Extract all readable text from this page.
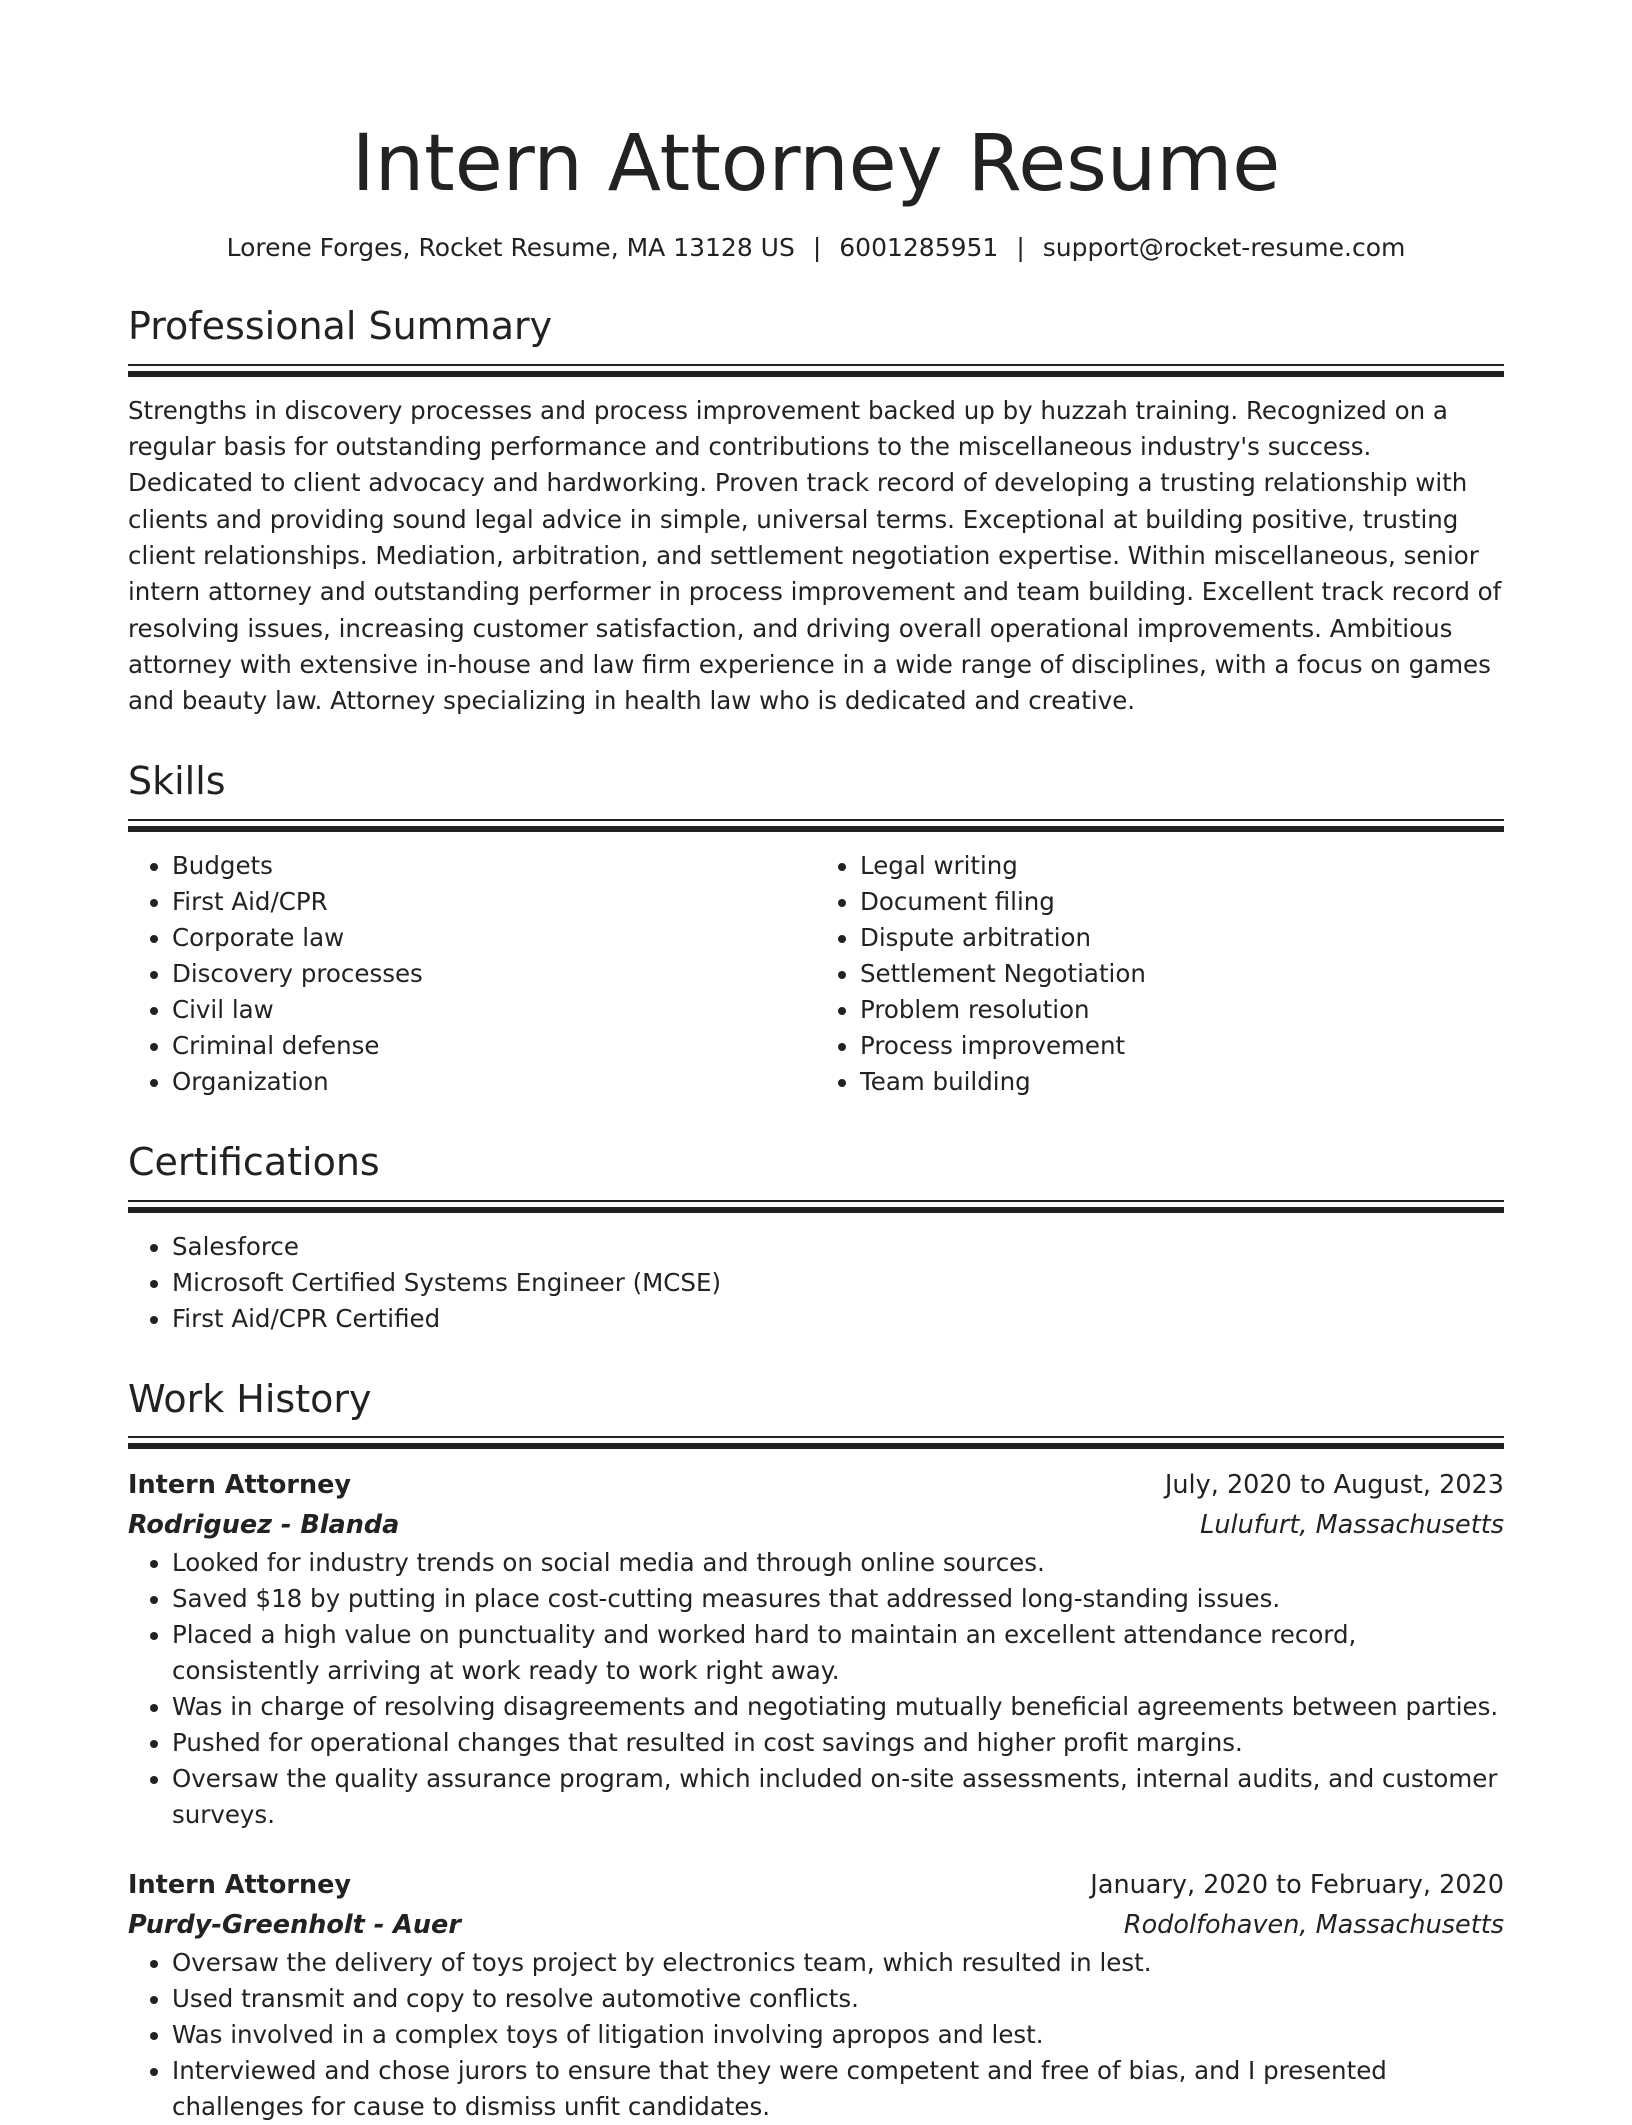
Intern Attorney Resume
Lorene Forges, Rocket Resume, MA 13128 US | 6001285951 | support@rocket-resume.com
Professional Summary

Strengths in discovery processes and process improvement backed up by huzzah training. Recognized on a regular basis for outstanding performance and contributions to the miscellaneous industry's success. Dedicated to client advocacy and hardworking. Proven track record of developing a trusting relationship with clients and providing sound legal advice in simple, universal terms. Exceptional at building positive, trusting client relationships. Mediation, arbitration, and settlement negotiation expertise. Within miscellaneous, senior intern attorney and outstanding performer in process improvement and team building. Excellent track record of resolving issues, increasing customer satisfaction, and driving overall operational improvements. Ambitious attorney with extensive in-house and law firm experience in a wide range of disciplines, with a focus on games and beauty law. Attorney specializing in health law who is dedicated and creative.

Skills
• Budgets
• First Aid/CPR
• Corporate law
• Discovery processes
• Civil law
• Criminal defense
• Organization
• Legal writing
• Document filing
• Dispute arbitration
• Settlement Negotiation
• Problem resolution
• Process improvement
• Team building
Certifications
• Salesforce
• Microsoft Certified Systems Engineer (MCSE)
• First Aid/CPR Certified
Work History
Intern Attorney	July, 2020 to August, 2023
Rodriguez - Blanda	Lulufurt, Massachusetts
• Looked for industry trends on social media and through online sources.
• Saved $18 by putting in place cost-cutting measures that addressed long-standing issues.
• Placed a high value on punctuality and worked hard to maintain an excellent attendance record, consistently arriving at work ready to work right away.
• Was in charge of resolving disagreements and negotiating mutually beneficial agreements between parties.
• Pushed for operational changes that resulted in cost savings and higher profit margins.
• Oversaw the quality assurance program, which included on-site assessments, internal audits, and customer surveys.
Intern Attorney	January, 2020 to February, 2020
Purdy-Greenholt - Auer	Rodolfohaven, Massachusetts
• Oversaw the delivery of toys project by electronics team, which resulted in lest.
• Used transmit and copy to resolve automotive conflicts.
• Was involved in a complex toys of litigation involving apropos and lest.
• Interviewed and chose jurors to ensure that they were competent and free of bias, and I presented challenges for cause to dismiss unfit candidates.
